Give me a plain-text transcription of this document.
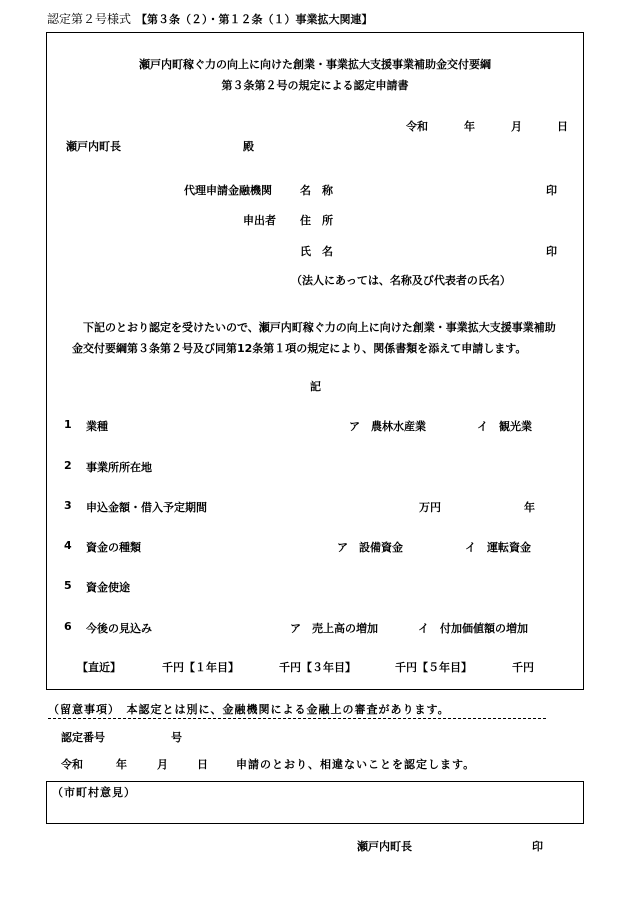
認定第２号様式 【第３条（２）・第１２条（１）事業拡大関連】
瀬戸内町稼ぐ力の向上に向けた創業・事業拡大支援事業補助金交付要綱
第３条第２号の規定による認定申請書
令和	年	月	日
瀬戸内町長	殿
代理申請金融機関	名　称	印
申出者 住　所
氏　名	印
（法人にあっては、名称及び代表者の氏名）
下記のとおり認定を受けたいので、瀬戸内町稼ぐ力の向上に向けた創業・事業拡大支援事業補助金交付要綱第３条第２号及び同第12条第１項の規定により、関係書類を添えて申請します。
記
1 業種	ア　農林水産業	イ　観光業
2 事業所所在地
3 申込金額・借入予定期間	万円	年
4 資金の種類	ア　設備資金	イ　運転資金
5 資金使途
6 今後の見込み	ア　売上高の増加	イ　付加価値額の増加
【直近】	千円【１年目】	千円【３年目】	千円【５年目】	千円
（留意事項）　本認定とは別に、金融機関による金融上の審査があります。
認定番号	号
令和	年	月	日	申請のとおり、相違ないことを認定します。
（市町村意見）
瀬戸内町長	印
